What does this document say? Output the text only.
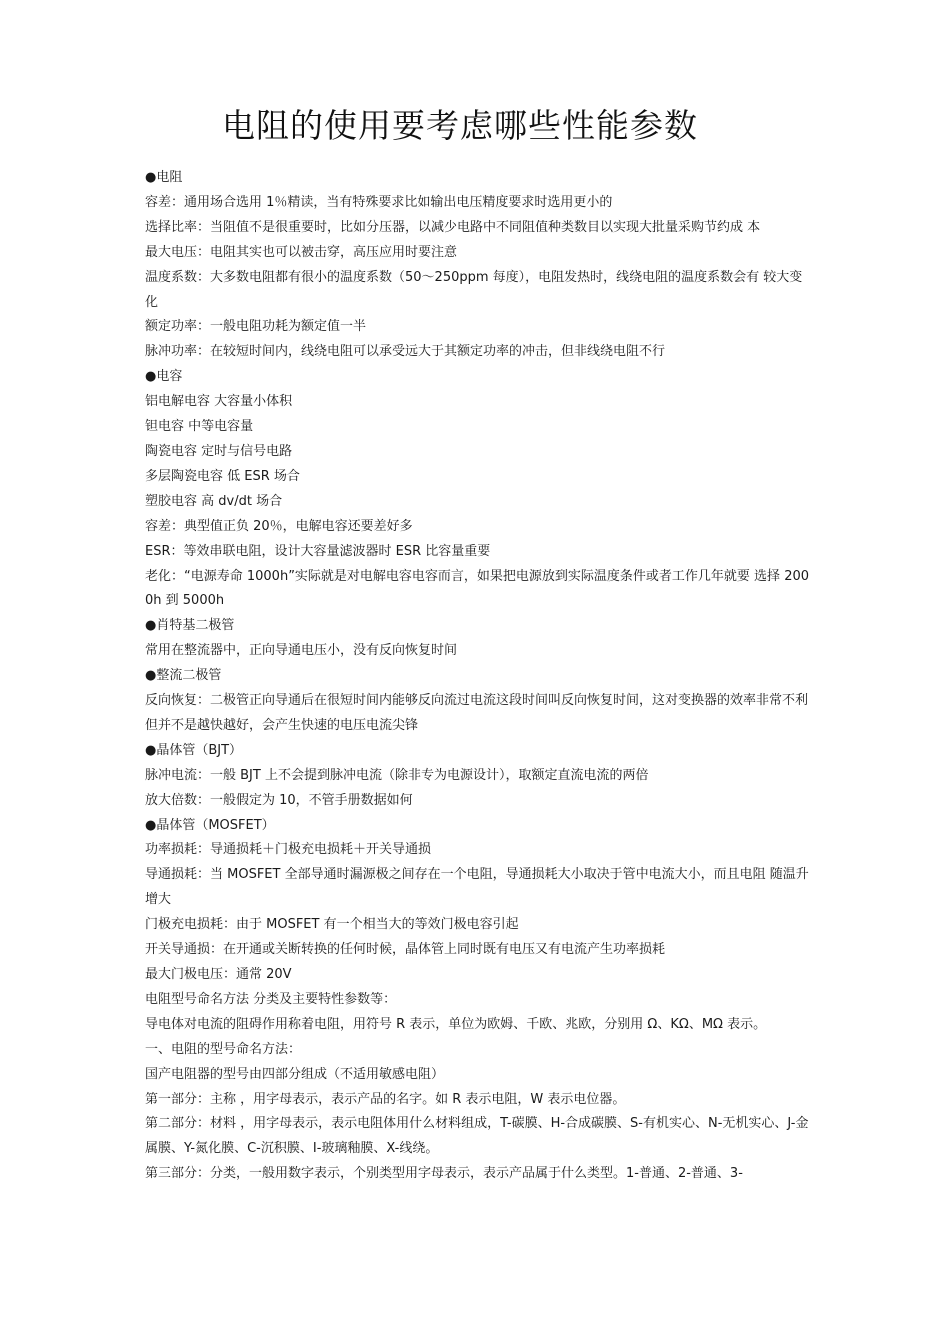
电阻的使用要考虑哪些性能参数

●电阻

容差：通用场合选用 1％精读，当有特殊要求比如输出电压精度要求时选用更小的

选择比率：当阻值不是很重要时，比如分压器，以减少电路中不同阻值种类数目以实现大批量采购节约成 本

最大电压：电阻其实也可以被击穿，高压应用时要注意

温度系数：大多数电阻都有很小的温度系数（50～250ppm 每度），电阻发热时，线绕电阻的温度系数会有 较大变化

额定功率：一般电阻功耗为额定值一半

脉冲功率：在较短时间内，线绕电阻可以承受远大于其额定功率的冲击，但非线绕电阻不行

●电容

铝电解电容 大容量小体积

钽电容 中等电容量

陶瓷电容 定时与信号电路

多层陶瓷电容 低 ESR 场合

塑胶电容 高 dv/dt 场合

容差：典型值正负 20％，电解电容还要差好多

ESR：等效串联电阻，设计大容量滤波器时 ESR 比容量重要

老化：“电源寿命 1000h”实际就是对电解电容电容而言，如果把电源放到实际温度条件或者工作几年就要 选择 2000h 到 5000h

●肖特基二极管

常用在整流器中，正向导通电压小，没有反向恢复时间

●整流二极管

反向恢复：二极管正向导通后在很短时间内能够反向流过电流这段时间叫反向恢复时间，这对变换器的效率非常不利

但并不是越快越好，会产生快速的电压电流尖锋

●晶体管（BJT）

脉冲电流：一般 BJT 上不会提到脉冲电流（除非专为电源设计），取额定直流电流的两倍

放大倍数：一般假定为 10，不管手册数据如何

●晶体管（MOSFET）

功率损耗：导通损耗＋门极充电损耗＋开关导通损

导通损耗：当 MOSFET 全部导通时漏源极之间存在一个电阻，导通损耗大小取决于管中电流大小，而且电阻 随温升增大

门极充电损耗：由于 MOSFET 有一个相当大的等效门极电容引起

开关导通损：在开通或关断转换的任何时候，晶体管上同时既有电压又有电流产生功率损耗

最大门极电压：通常 20V

电阻型号命名方法 分类及主要特性参数等：

导电体对电流的阻碍作用称着电阻，用符号 R 表示，单位为欧姆、千欧、兆欧，分别用 Ω、KΩ、MΩ 表示。

一、电阻的型号命名方法：

国产电阻器的型号由四部分组成（不适用敏感电阻）

第一部分：主称 ，用字母表示，表示产品的名字。如 R 表示电阻，W 表示电位器。

第二部分：材料 ，用字母表示，表示电阻体用什么材料组成，T-碳膜、H-合成碳膜、S-有机实心、N-无机实心、J-金属膜、Y-氮化膜、C-沉积膜、I-玻璃釉膜、X-线绕。

第三部分：分类，一般用数字表示，个别类型用字母表示，表示产品属于什么类型。1-普通、2-普通、3-
